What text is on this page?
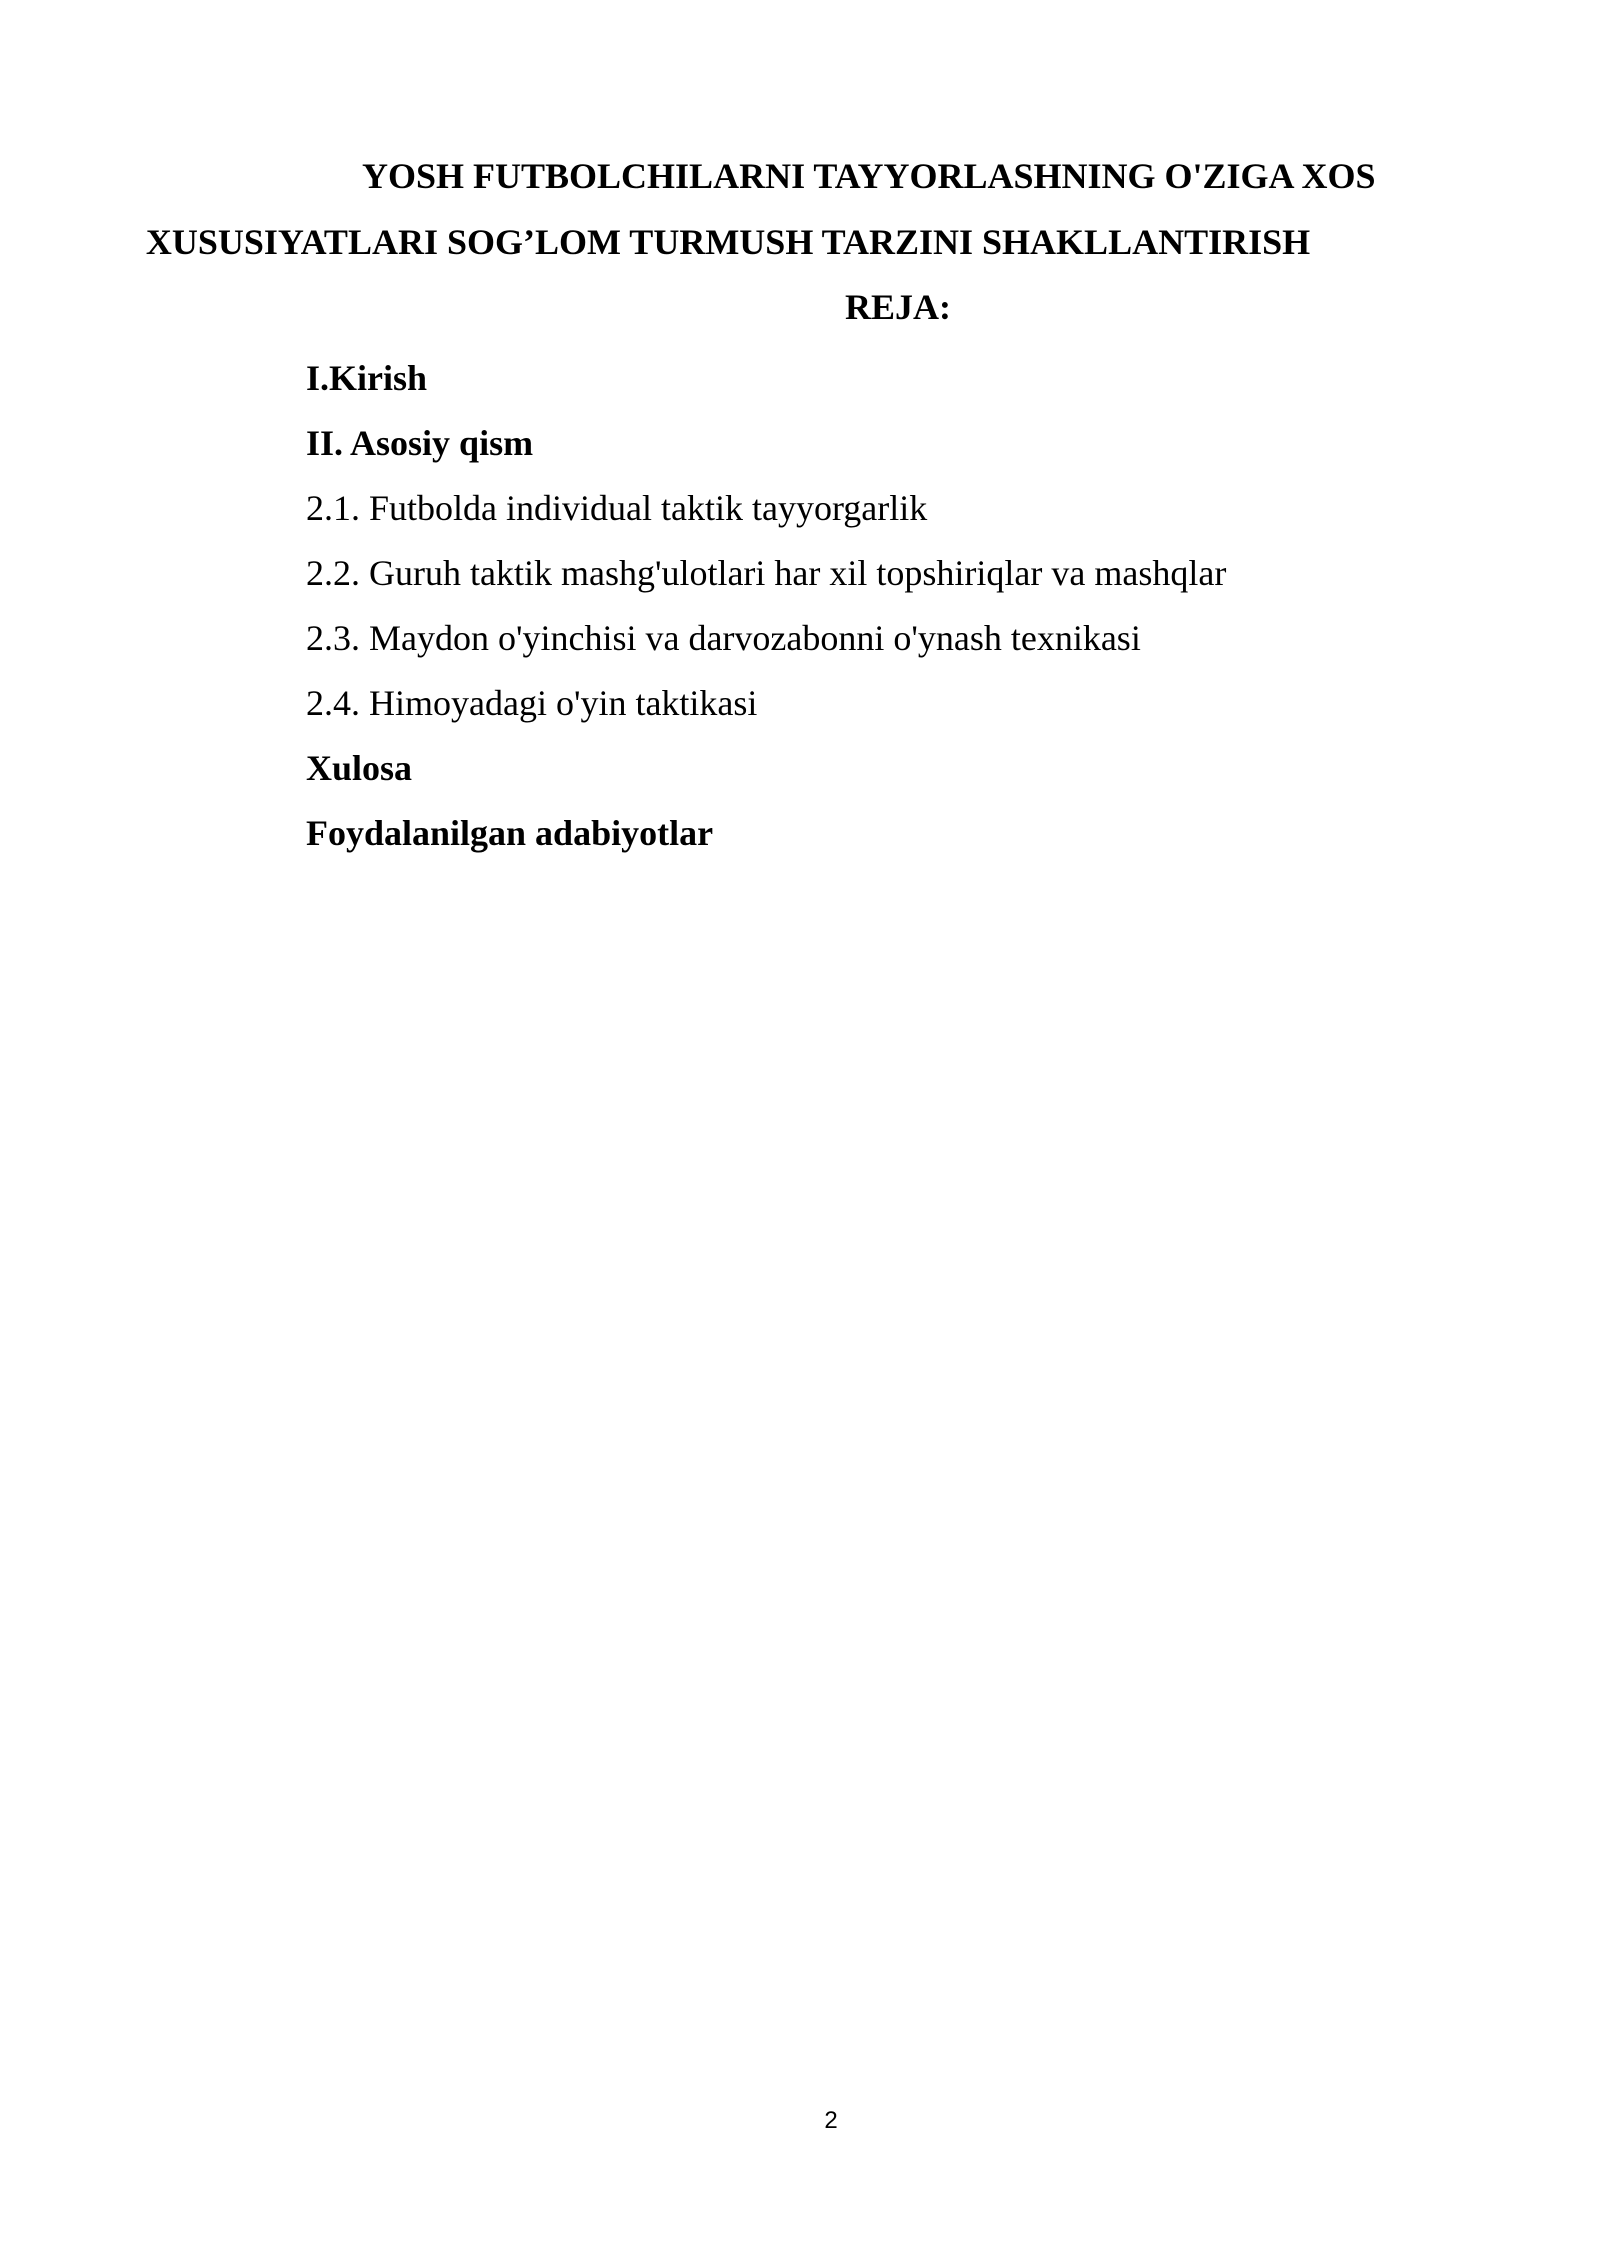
YOSH FUTBOLCHILARNI TAYYORLASHNING O'ZIGA XOS

XUSUSIYATLARI SOG’LOM TURMUSH TARZINI SHAKLLANTIRISH

REJA:

I.Kirish
II. Asosiy qism
2.1. Futbolda individual taktik tayyorgarlik
2.2. Guruh taktik mashg'ulotlari har xil topshiriqlar va mashqlar
2.3. Maydon o'yinchisi va darvozabonni o'ynash texnikasi
2.4. Himoyadagi o'yin taktikasi
Xulosa
Foydalanilgan adabiyotlar
2
